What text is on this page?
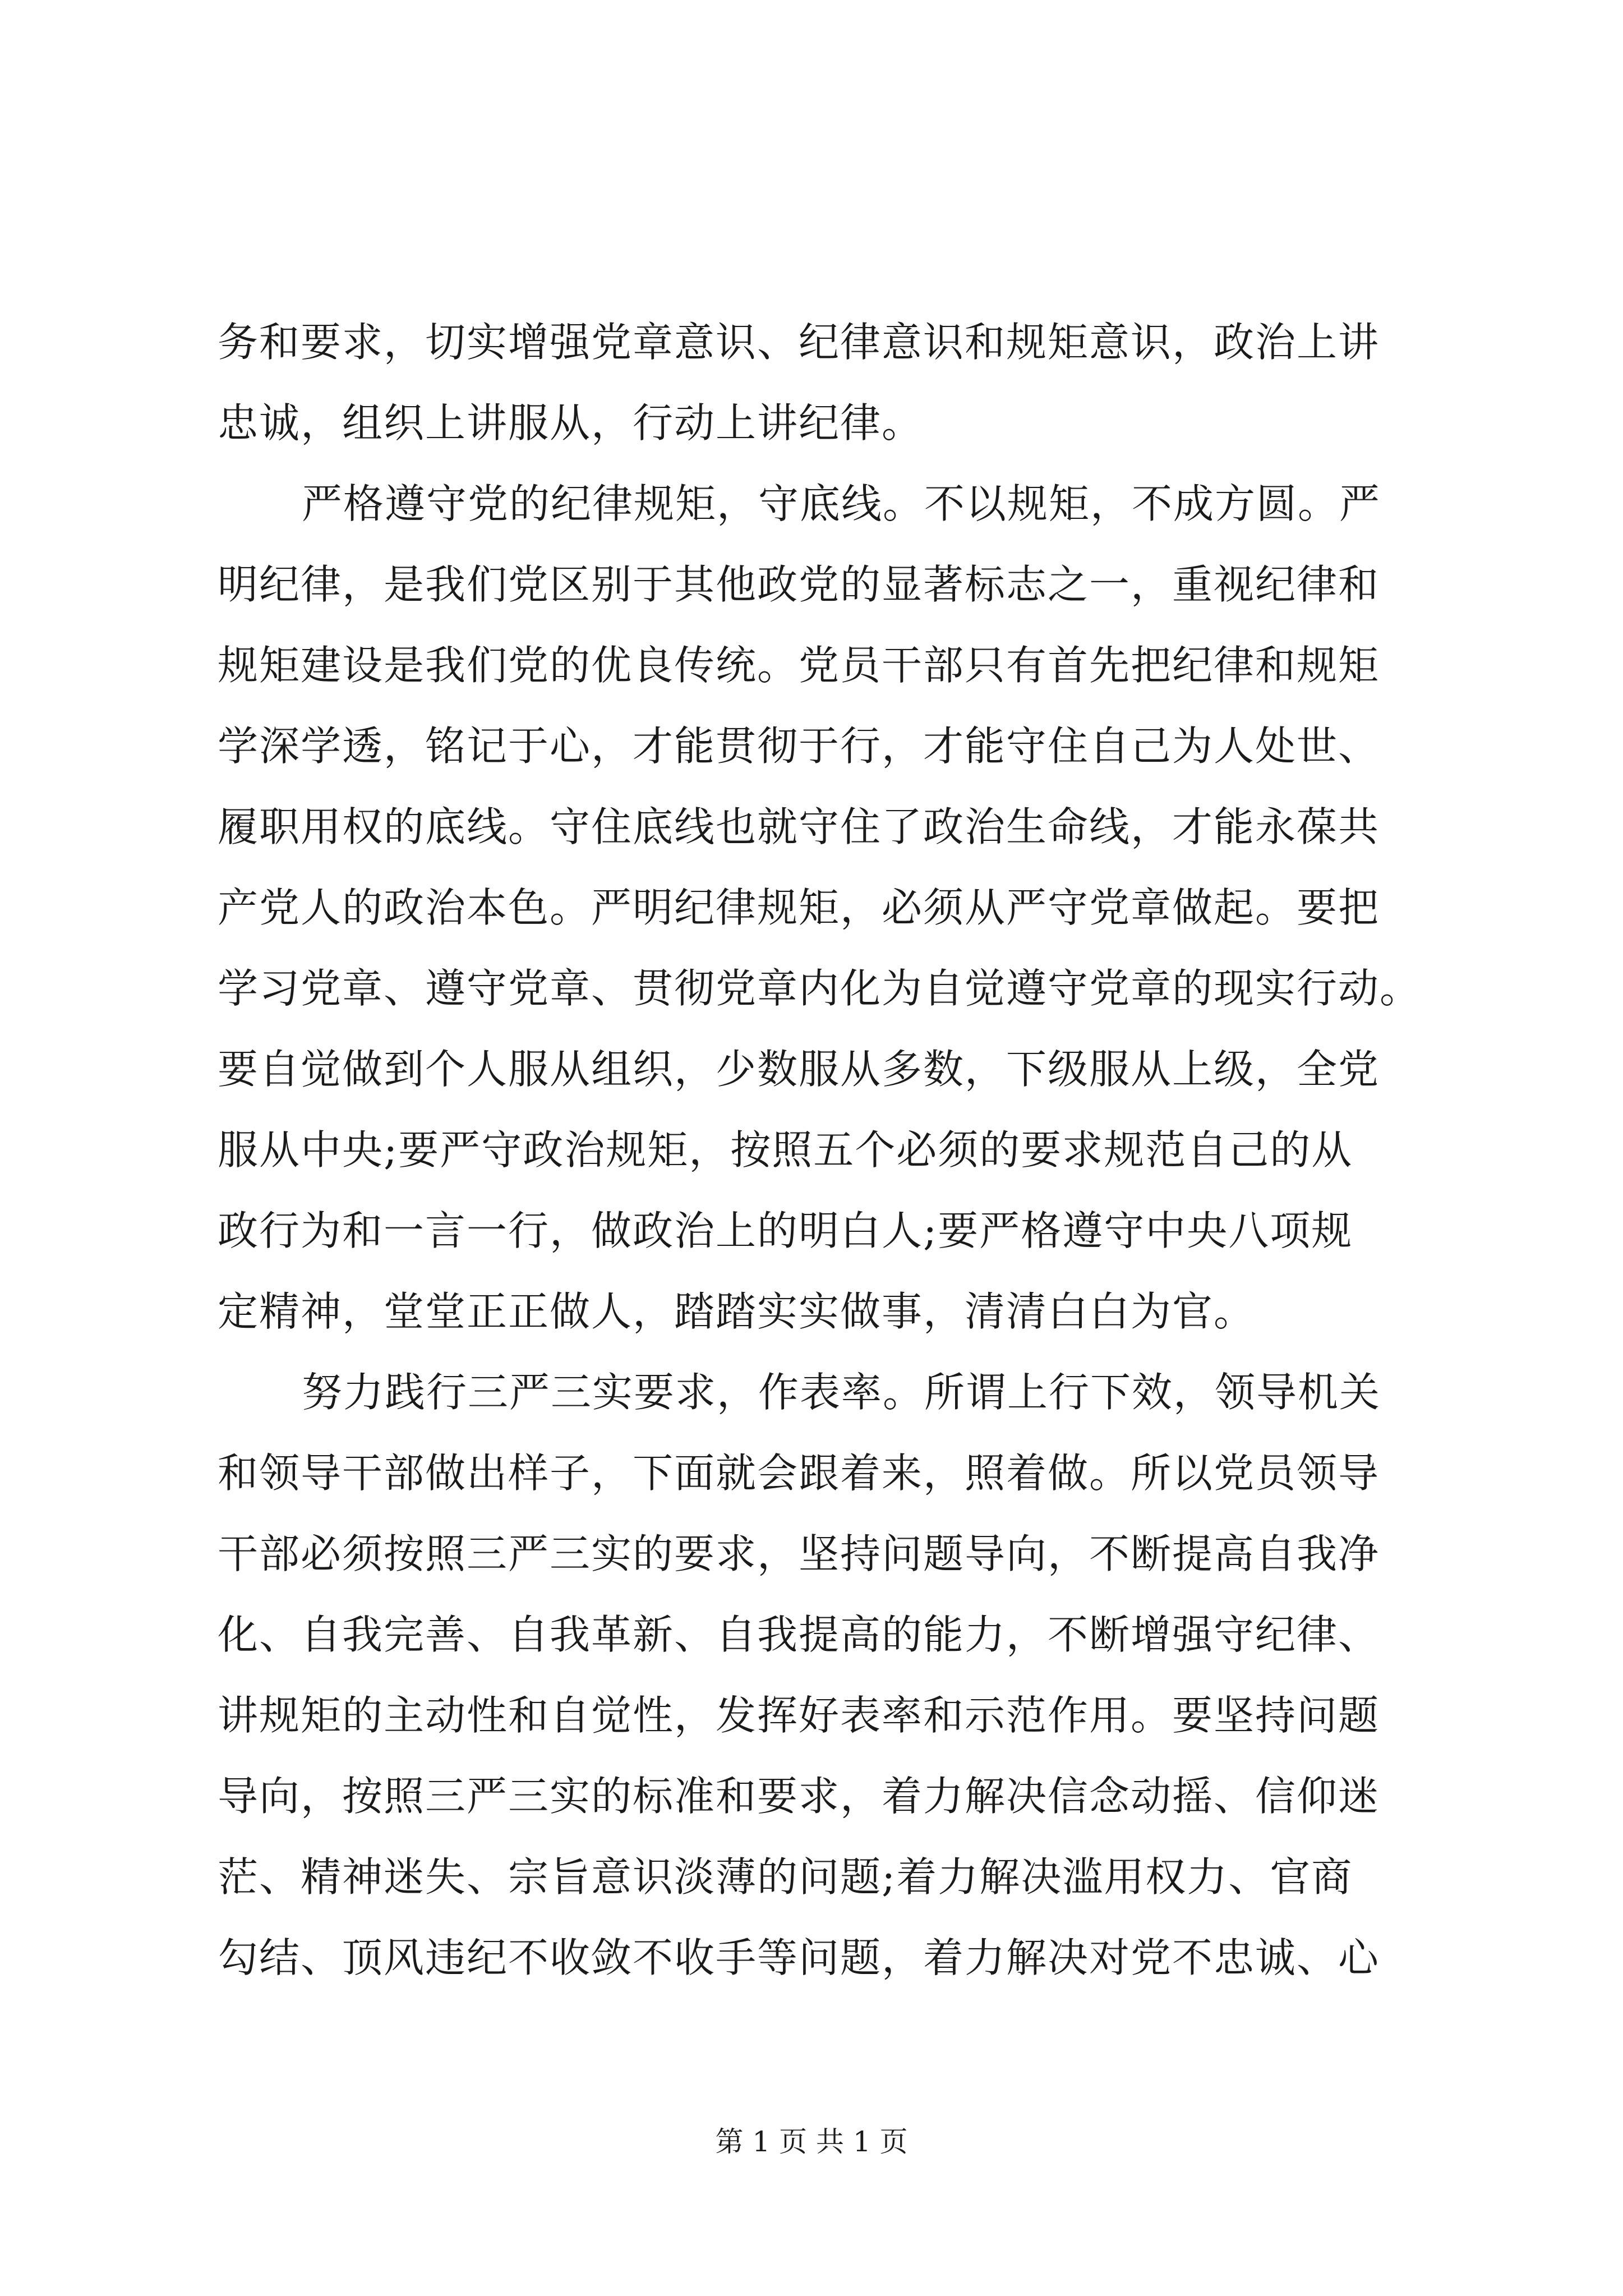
务和要求，切实增强党章意识、纪律意识和规矩意识，政治上讲
忠诚，组织上讲服从，行动上讲纪律。
严格遵守党的纪律规矩，守底线。不以规矩，不成方圆。严
明纪律，是我们党区别于其他政党的显著标志之一，重视纪律和
规矩建设是我们党的优良传统。党员干部只有首先把纪律和规矩
学深学透，铭记于心，才能贯彻于行，才能守住自己为人处世、
履职用权的底线。守住底线也就守住了政治生命线，才能永葆共
产党人的政治本色。严明纪律规矩，必须从严守党章做起。要把
学习党章、遵守党章、贯彻党章内化为自觉遵守党章的现实行动。
要自觉做到个人服从组织，少数服从多数，下级服从上级，全党
服从中央;要严守政治规矩，按照五个必须的要求规范自己的从
政行为和一言一行，做政治上的明白人;要严格遵守中央八项规
定精神，堂堂正正做人，踏踏实实做事，清清白白为官。
努力践行三严三实要求，作表率。所谓上行下效，领导机关
和领导干部做出样子，下面就会跟着来，照着做。所以党员领导
干部必须按照三严三实的要求，坚持问题导向，不断提高自我净
化、自我完善、自我革新、自我提高的能力，不断增强守纪律、
讲规矩的主动性和自觉性，发挥好表率和示范作用。要坚持问题
导向，按照三严三实的标准和要求，着力解决信念动摇、信仰迷
茫、精神迷失、宗旨意识淡薄的问题;着力解决滥用权力、官商
勾结、顶风违纪不收敛不收手等问题，着力解决对党不忠诚、心
第 1 页 共 1 页
